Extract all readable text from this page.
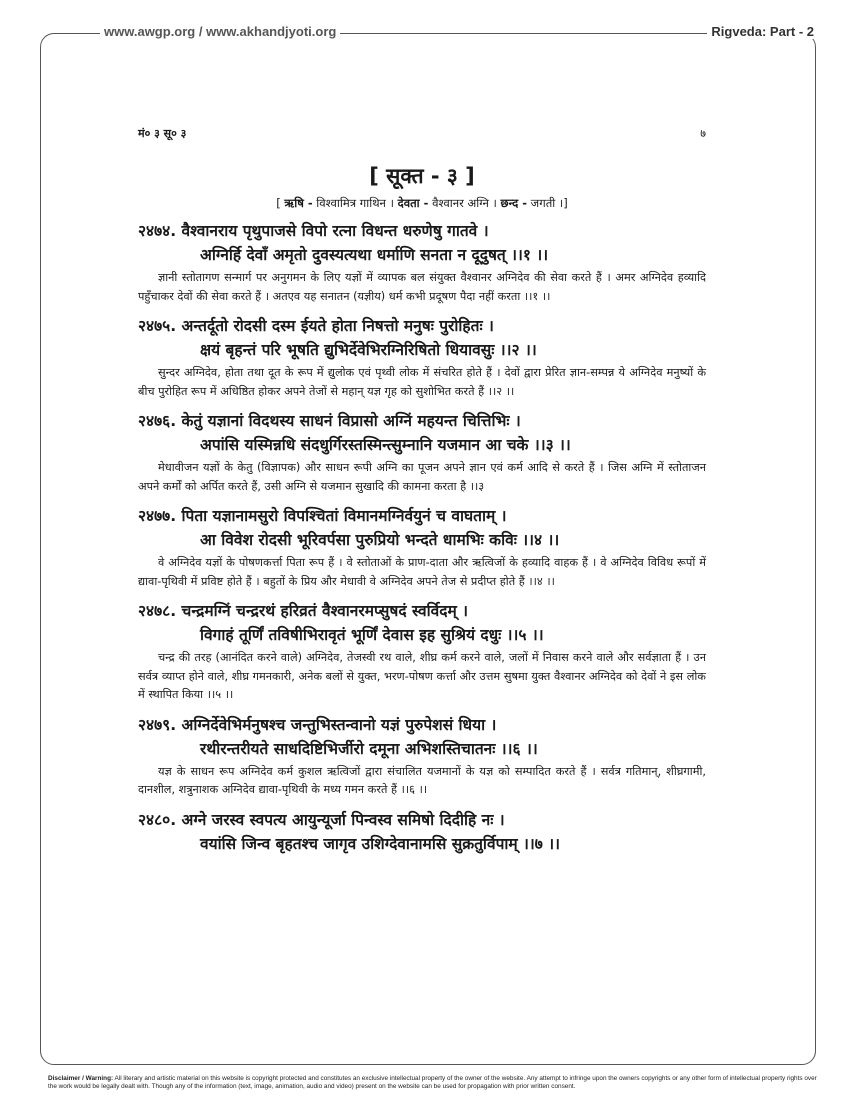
www.awgp.org / www.akhandjyoti.org	Rigveda: Part - 2
मं० ३ सू० ३	७
[ सूक्त - ३ ]
[ ऋषि - विश्वामित्र गाथिन । देवता - वैश्वानर अग्नि । छन्द - जगती ।]
२४७४. वैश्वानराय पृथुपाजसे विपो रत्ना विधन्त धरुणेषु गातवे ।
अग्निर्हि देवाँ अमृतो दुवस्यत्यथा धर्माणि सनता न दूदुषत् ।।१ ।।
ज्ञानी स्तोतागण सन्मार्ग पर अनुगमन के लिए यज्ञों में व्यापक बल संयुक्त वैश्वानर अग्निदेव की सेवा करते हैं । अमर अग्निदेव हव्यादि पहुँचाकर देवों की सेवा करते हैं । अतएव यह सनातन (यज्ञीय) धर्म कभी प्रदूषण पैदा नहीं करता ।।१ ।।
२४७५. अन्तर्दूतो रोदसी दस्म ईयते होता निषत्तो मनुषः पुरोहितः ।
क्षयं बृहन्तं परि भूषति द्युभिर्देवेभिरग्निरिषितो धियावसुः ।।२ ।।
सुन्दर अग्निदेव, होता तथा दूत के रूप में द्युलोक एवं पृथ्वी लोक में संचरित होते हैं । देवों द्वारा प्रेरित ज्ञान-सम्पन्न ये अग्निदेव मनुष्यों के बीच पुरोहित रूप में अधिष्ठित होकर अपने तेजों से महान् यज्ञ गृह को सुशोभित करते हैं ।।२ ।।
२४७६. केतुं यज्ञानां विदथस्य साधनं विप्रासो अग्निं महयन्त चित्तिभिः ।
अपांसि यस्मिन्नधि संदधुर्गिरस्तस्मिन्त्सुम्नानि यजमान आ चके ।।३ ।।
मेधावीजन यज्ञों के केतु (विज्ञापक) और साधन रूपी अग्नि का पूजन अपने ज्ञान एवं कर्म आदि से करते हैं । जिस अग्नि में स्तोताजन अपने कर्मों को अर्पित करते हैं, उसी अग्नि से यजमान सुखादि की कामना करता है ।।३
२४७७. पिता यज्ञानामसुरो विपश्चितां विमानमग्निर्वयुनं च वाघताम् ।
आ विवेश रोदसी भूरिवर्पसा पुरुप्रियो भन्दते धामभिः कविः ।।४ ।।
वे अग्निदेव यज्ञों के पोषणकर्त्ता पिता रूप हैं । वे स्तोताओं के प्राण-दाता और ऋत्विजों के हव्यादि वाहक हैं । वे अग्निदेव विविध रूपों में द्यावा-पृथिवी में प्रविष्ट होते हैं । बहुतों के प्रिय और मेधावी वे अग्निदेव अपने तेज से प्रदीप्त होते हैं ।।४ ।।
२४७८. चन्द्रमग्निं चन्द्ररथं हरिव्रतं वैश्वानरमप्सुषदं स्वर्विदम् ।
विगाहं तूर्णिं तविषीभिरावृतं भूर्णिं देवास इह सुश्रियं दधुः ।।५ ।।
चन्द्र की तरह (आनंदित करने वाले) अग्निदेव, तेजस्वी रथ वाले, शीघ्र कर्म करने वाले, जलों में निवास करने वाले और सर्वज्ञाता हैं । उन सर्वत्र व्याप्त होने वाले, शीघ्र गमनकारी, अनेक बलों से युक्त, भरण-पोषण कर्त्ता और उत्तम सुषमा युक्त वैश्वानर अग्निदेव को देवों ने इस लोक में स्थापित किया ।।५ ।।
२४७९. अग्निर्देवेभिर्मनुषश्च जन्तुभिस्तन्वानो यज्ञं पुरुपेशसं धिया ।
रथीरन्तरीयते साधदिष्टिभिर्जीरो दमूना अभिशस्तिचातनः ।।६ ।।
यज्ञ के साधन रूप अग्निदेव कर्म कुशल ऋत्विजों द्वारा संचालित यजमानों के यज्ञ को सम्पादित करते हैं । सर्वत्र गतिमान्, शीघ्रगामी, दानशील, शत्रुनाशक अग्निदेव द्यावा-पृथिवी के मध्य गमन करते हैं ।।६ ।।
२४८०. अग्ने जरस्व स्वपत्य आयुन्यूर्जा पिन्वस्व समिषो दिदीहि नः ।
वयांसि जिन्व बृहतश्च जागृव उशिग्देवानामसि सुक्रतुर्विपाम् ।।७ ।।
Disclaimer / Warning: All literary and artistic material on this website is copyright protected and constitutes an exclusive intellectual property of the owner of the website. Any attempt to infringe upon the owners copyrights or any other form of intellectual property rights over the work would be legally dealt with. Though any of the information (text, image, animation, audio and video) present on the website can be used for propagation with prior written consent.
